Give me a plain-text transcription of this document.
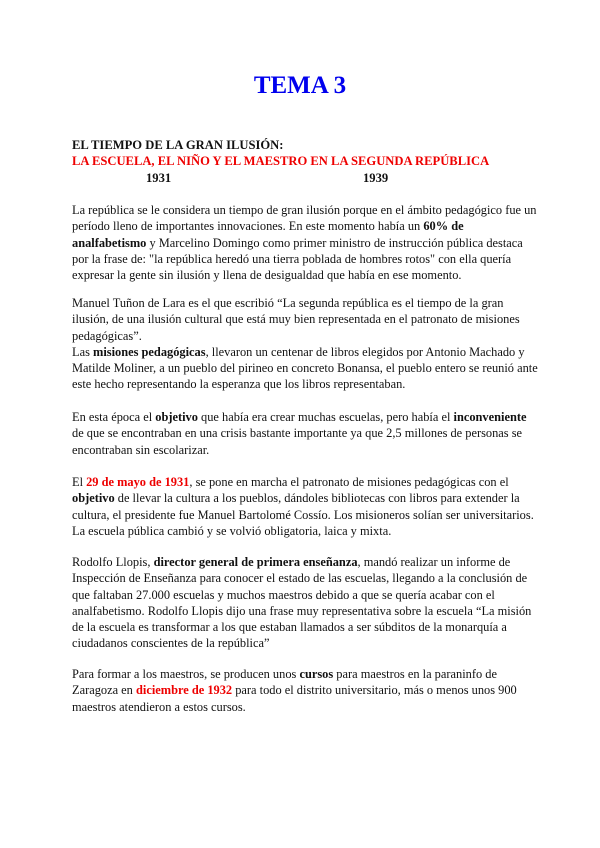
TEMA 3
EL TIEMPO DE LA GRAN ILUSIÓN:
LA ESCUELA, EL NIÑO Y EL MAESTRO EN LA SEGUNDA REPÚBLICA
1931	1939
La república se le considera un tiempo de gran ilusión porque en el ámbito pedagógico fue un
período lleno de importantes innovaciones. En este momento había un 60% de
analfabetismo y Marcelino Domingo como primer ministro de instrucción pública destaca
por la frase de: "la república heredó una tierra poblada de hombres rotos" con ella quería
expresar la gente sin ilusión y llena de desigualdad que había en ese momento.
Manuel Tuñon de Lara es el que escribió “La segunda república es el tiempo de la gran
ilusión, de una ilusión cultural que está muy bien representada en el patronato de misiones
pedagógicas”.
Las misiones pedagógicas, llevaron un centenar de libros elegidos por Antonio Machado y
Matilde Moliner, a un pueblo del pirineo en concreto Bonansa, el pueblo entero se reunió ante
este hecho representando la esperanza que los libros representaban.
En esta época el objetivo que había era crear muchas escuelas, pero había el inconveniente
de que se encontraban en una crisis bastante importante ya que 2,5 millones de personas se
encontraban sin escolarizar.
El 29 de mayo de 1931, se pone en marcha el patronato de misiones pedagógicas con el
objetivo de llevar la cultura a los pueblos, dándoles bibliotecas con libros para extender la
cultura, el presidente fue Manuel Bartolomé Cossío. Los misioneros solían ser universitarios.
La escuela pública cambió y se volvió obligatoria, laica y mixta.
Rodolfo Llopis, director general de primera enseñanza, mandó realizar un informe de
Inspección de Enseñanza para conocer el estado de las escuelas, llegando a la conclusión de
que faltaban 27.000 escuelas y muchos maestros debido a que se quería acabar con el
analfabetismo. Rodolfo Llopis dijo una frase muy representativa sobre la escuela “La misión
de la escuela es transformar a los que estaban llamados a ser súbditos de la monarquía a
ciudadanos conscientes de la república”
Para formar a los maestros, se producen unos cursos para maestros en la paraninfo de
Zaragoza en diciembre de 1932 para todo el distrito universitario, más o menos unos 900
maestros atendieron a estos cursos.
